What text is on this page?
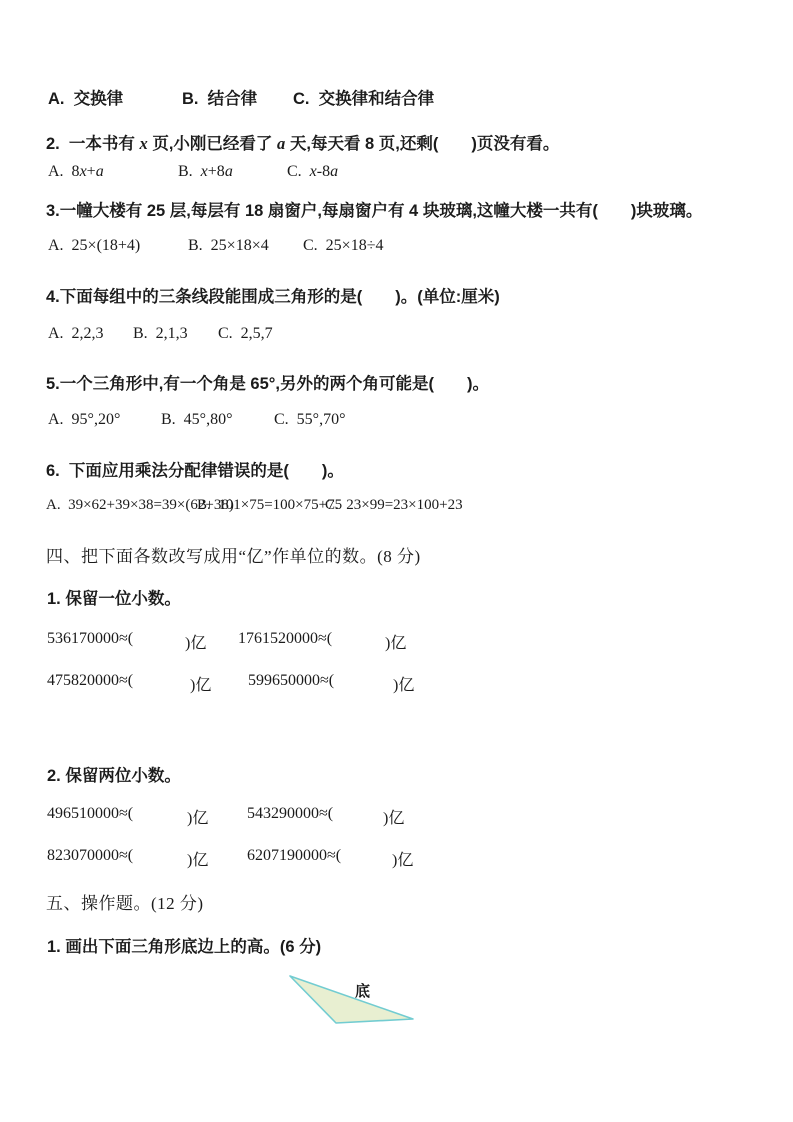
A.  交换律

	B.  结合律

C.  交换律和结合律

2.  一本书有 x 页,小刚已经看了 a 天,每天看 8 页,还剩(　　)页没有看。

A.  8x+a

	B.  x+8a

	C.  x-8a

3.一幢大楼有 25 层,每层有 18 扇窗户,每扇窗户有 4 块玻璃,这幢大楼一共有(　　)块玻璃。

A.  25×(18+4)

	B.  25×18×4

C.  25×18÷4

4.下面每组中的三条线段能围成三角形的是(　　)。(单位:厘米)

A.  2,2,3

B.  2,1,3

C.  2,5,7

5.一个三角形中,有一个角是 65°,另外的两个角可能是(　　)。

A.  95°,20°

	B.  45°,80°

	C.  55°,70°

6.  下面应用乘法分配律错误的是(　　)。

A.  39×62+39×38=39×(62+38)

B.  101×75=100×75+75

C.  23×99=23×100+23

四、把下面各数改写成用“亿”作单位的数。(8 分)

1. 保留一位小数。

536170000≈(

	)亿

1761520000≈(

	)亿

475820000≈(

	)亿

599650000≈(

	)亿

2. 保留两位小数。

496510000≈(

	)亿

543290000≈(

	)亿

823070000≈(

	)亿

6207190000≈(

	)亿

五、操作题。(12 分)

1. 画出下面三角形底边上的高。(6 分)

底
